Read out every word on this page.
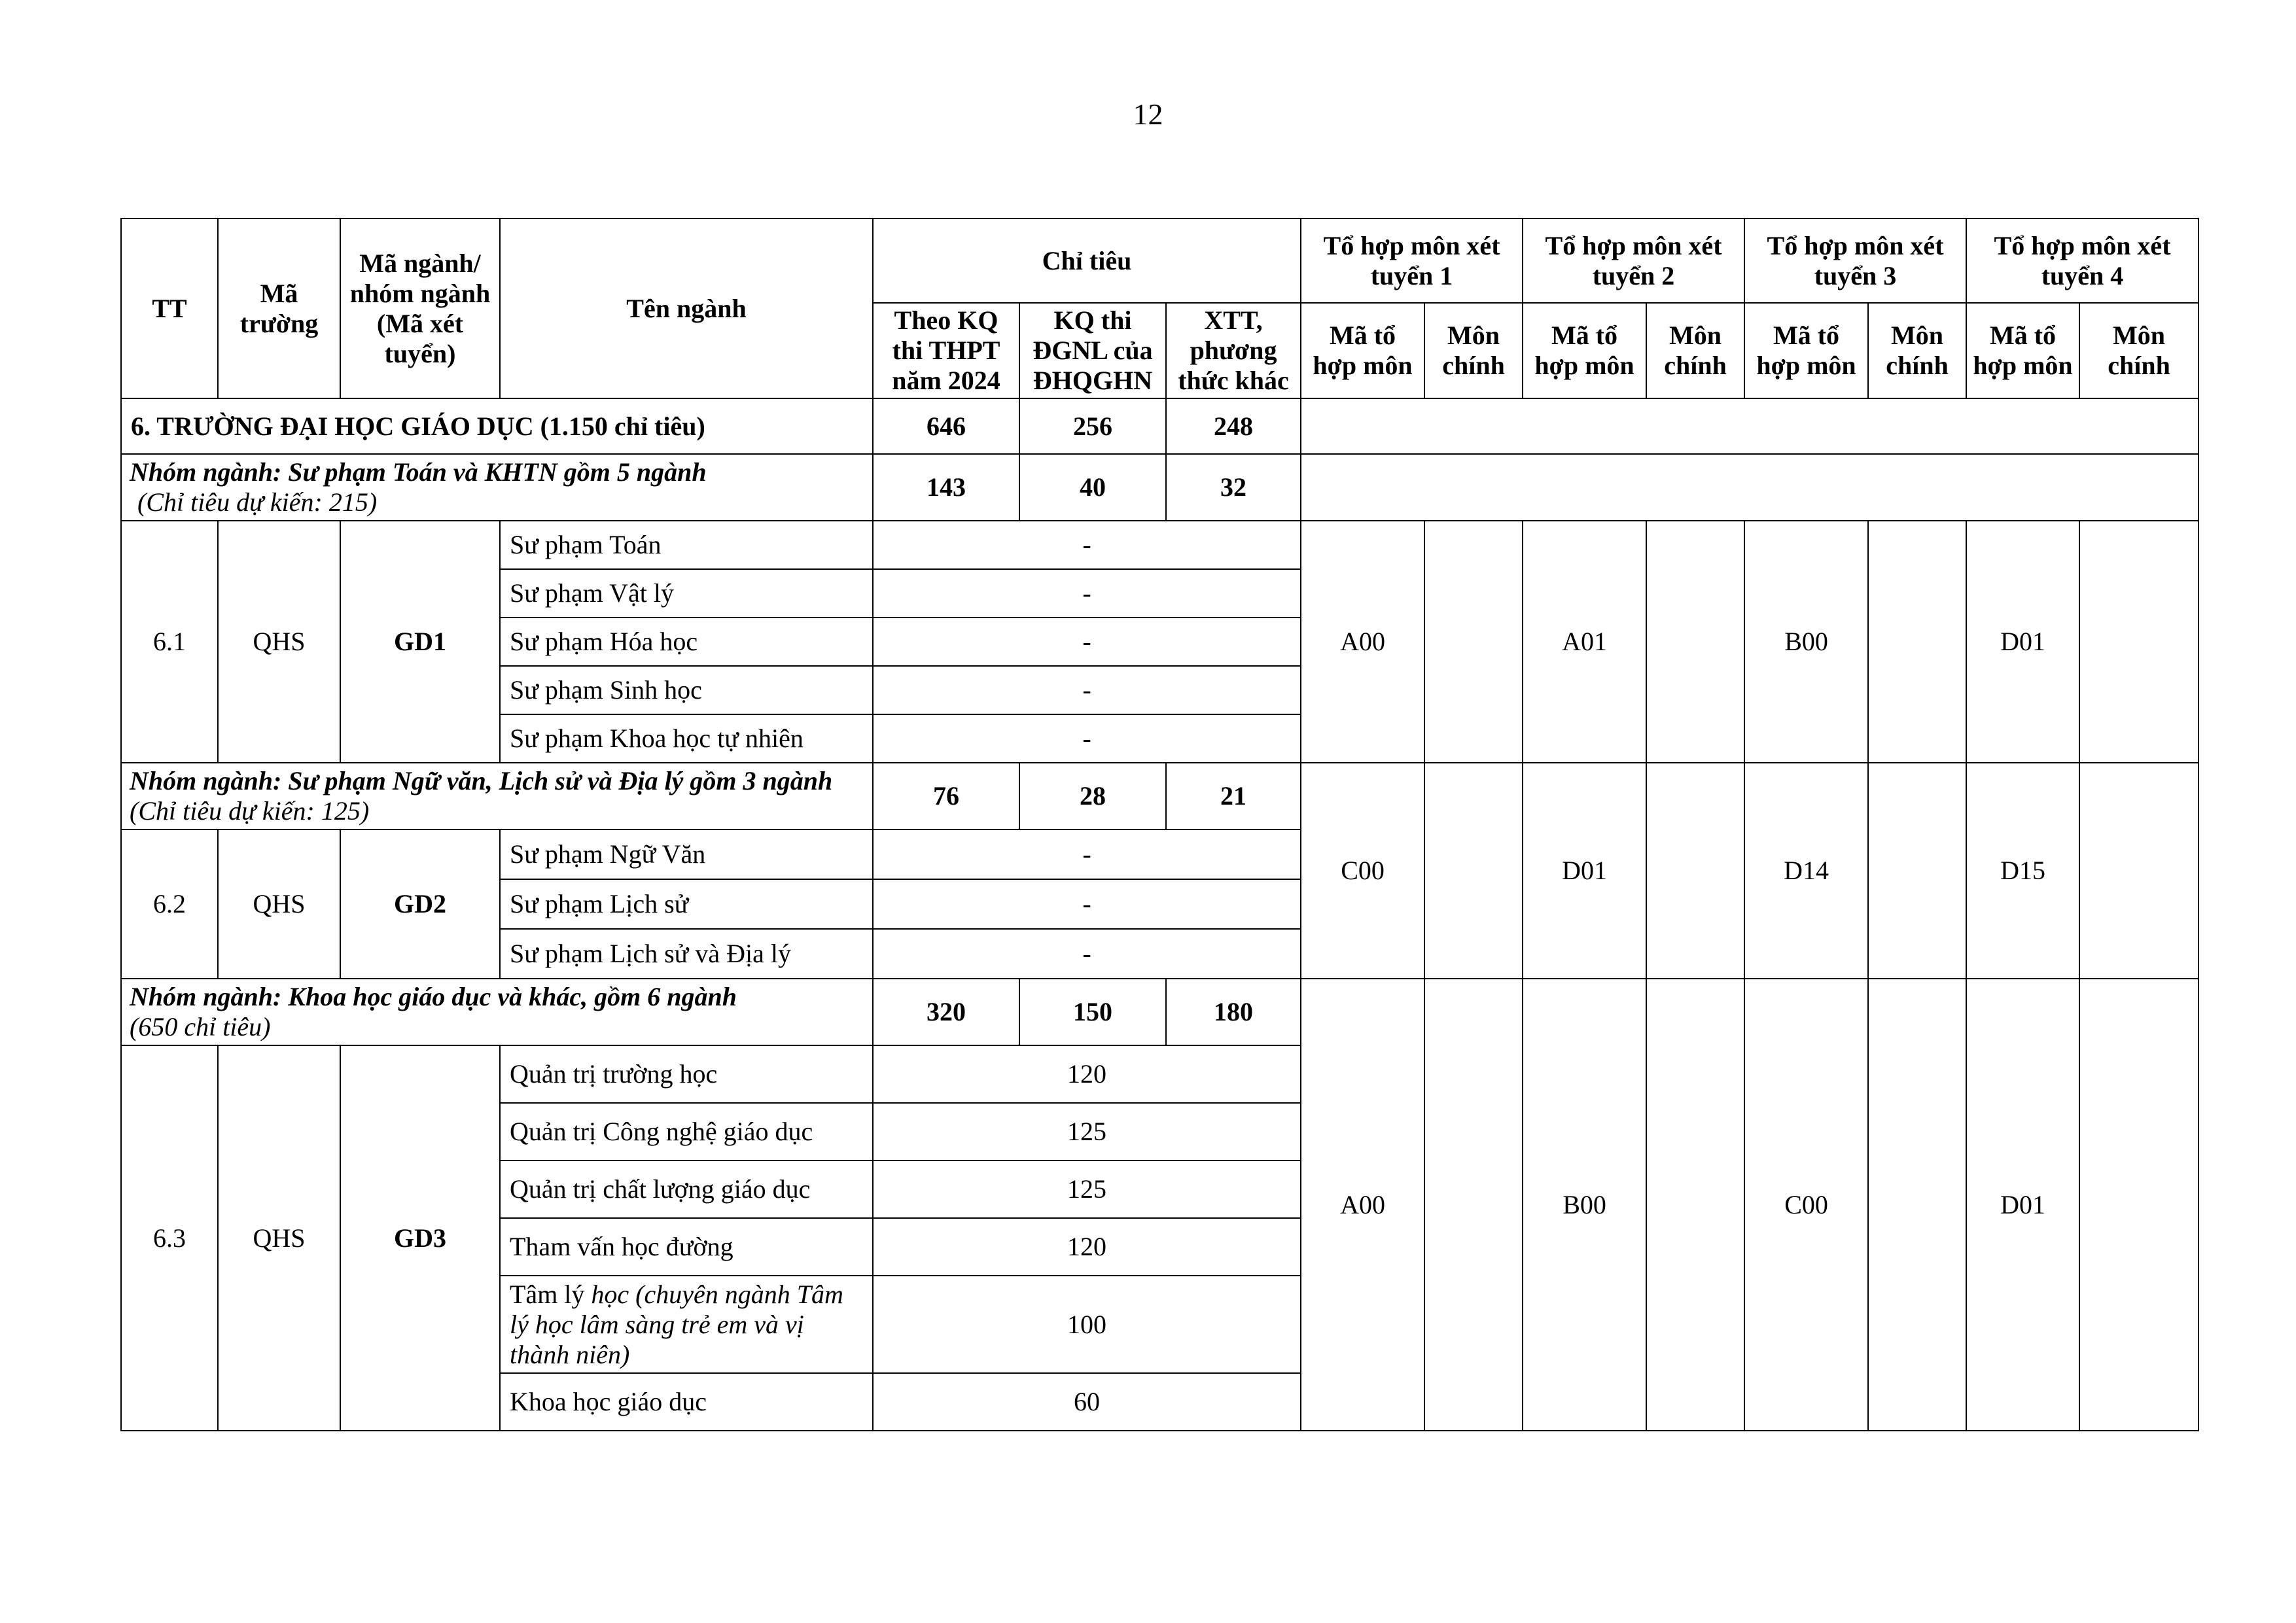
12
TT	Mã trường	Mã ngành/ nhóm ngành (Mã xét tuyển)	Tên ngành	Chỉ tiêu			Tổ hợp môn xét tuyển 1		Tổ hợp môn xét tuyển 2		Tổ hợp môn xét tuyển 3		Tổ hợp môn xét tuyển 4	
				Theo KQ thi THPT năm 2024	KQ thi ĐGNL của ĐHQGHN	XTT, phương thức khác	Mã tổ hợp môn	Môn chính	Mã tổ hợp môn	Môn chính	Mã tổ hợp môn	Môn chính	Mã tổ hợp môn	Môn chính
6. TRƯỜNG ĐẠI HỌC GIÁO DỤC (1.150 chỉ tiêu)				646	256	248								

Nhóm ngành: Sư phạm Toán và KHTN gồm 5 ngành
(Chỉ tiêu dự kiến: 215)				143	40	32								
6.1	QHS	GD1	Sư phạm Toán	-			A00		A01		B00		D01	
			Sư phạm Vật lý	-										
			Sư phạm Hóa học	-										
			Sư phạm Sinh học	-										
			Sư phạm Khoa học tự nhiên	-										

Nhóm ngành: Sư phạm Ngữ văn, Lịch sử và Địa lý gồm 3 ngành
(Chỉ tiêu dự kiến: 125)				76	28	21	C00		D01		D14		D15	
6.2	QHS	GD2	Sư phạm Ngữ Văn	-										
			Sư phạm Lịch sử	-										
			Sư phạm Lịch sử và Địa lý	-										

Nhóm ngành: Khoa học giáo dục và khác, gồm 6 ngành
(650 chỉ tiêu)				320	150	180	A00		B00		C00		D01	
6.3	QHS	GD3	Quản trị trường học	120										
			Quản trị Công nghệ giáo dục	125										
			Quản trị chất lượng giáo dục	125										
			Tham vấn học đường	120										
			Tâm lý học (chuyên ngành Tâm lý học lâm sàng trẻ em và vị thành niên)	100										
			Khoa học giáo dục	60										
